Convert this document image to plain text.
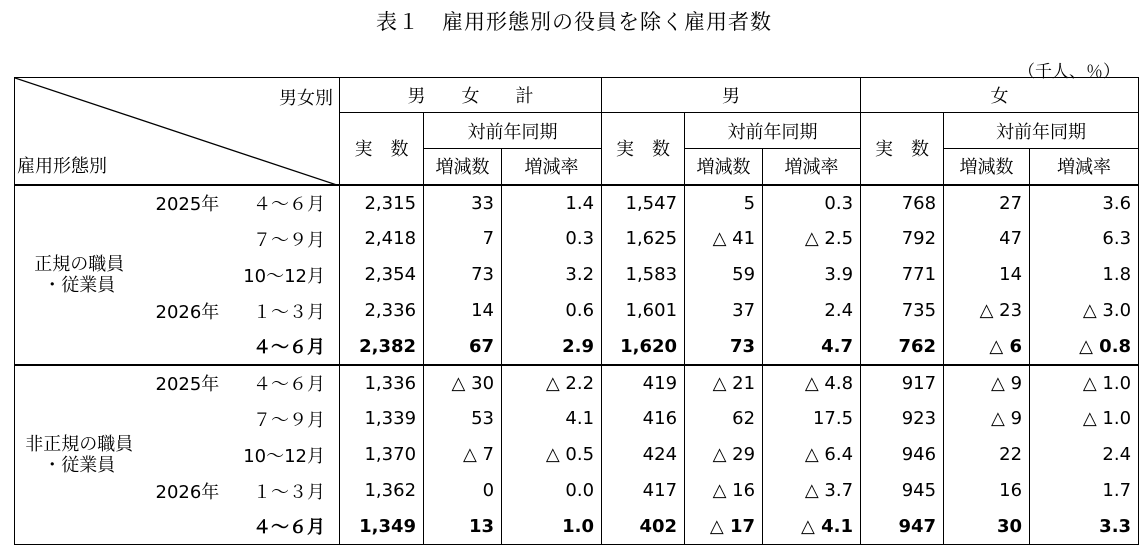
表１　雇用形態別の役員を除く雇用者数
（千人、％）
男女別
雇用形態別			男　　女　　計			男			女		
			実　数	対前年同期		実　数	対前年同期		実　数	対前年同期	
				増減数	増減率		増減数	増減率		増減数	増減率

正規の職員
・従業員	2025年	４～６月	2,315	33	1.4	1,547	5	0.3	768	27	3.6
		７～９月	2,418	7	0.3	1,625	△ 41	△ 2.5	792	47	6.3
		10～12月	2,354	73	3.2	1,583	59	3.9	771	14	1.8
	2026年	１～３月	2,336	14	0.6	1,601	37	2.4	735	△ 23	△ 3.0
		４～６月	2,382	67	2.9	1,620	73	4.7	762	△ 6	△ 0.8

非正規の職員
・従業員	2025年	４～６月	1,336	△ 30	△ 2.2	419	△ 21	△ 4.8	917	△ 9	△ 1.0
		７～９月	1,339	53	4.1	416	62	17.5	923	△ 9	△ 1.0
		10～12月	1,370	△ 7	△ 0.5	424	△ 29	△ 6.4	946	22	2.4
	2026年	１～３月	1,362	0	0.0	417	△ 16	△ 3.7	945	16	1.7
		４～６月	1,349	13	1.0	402	△ 17	△ 4.1	947	30	3.3
